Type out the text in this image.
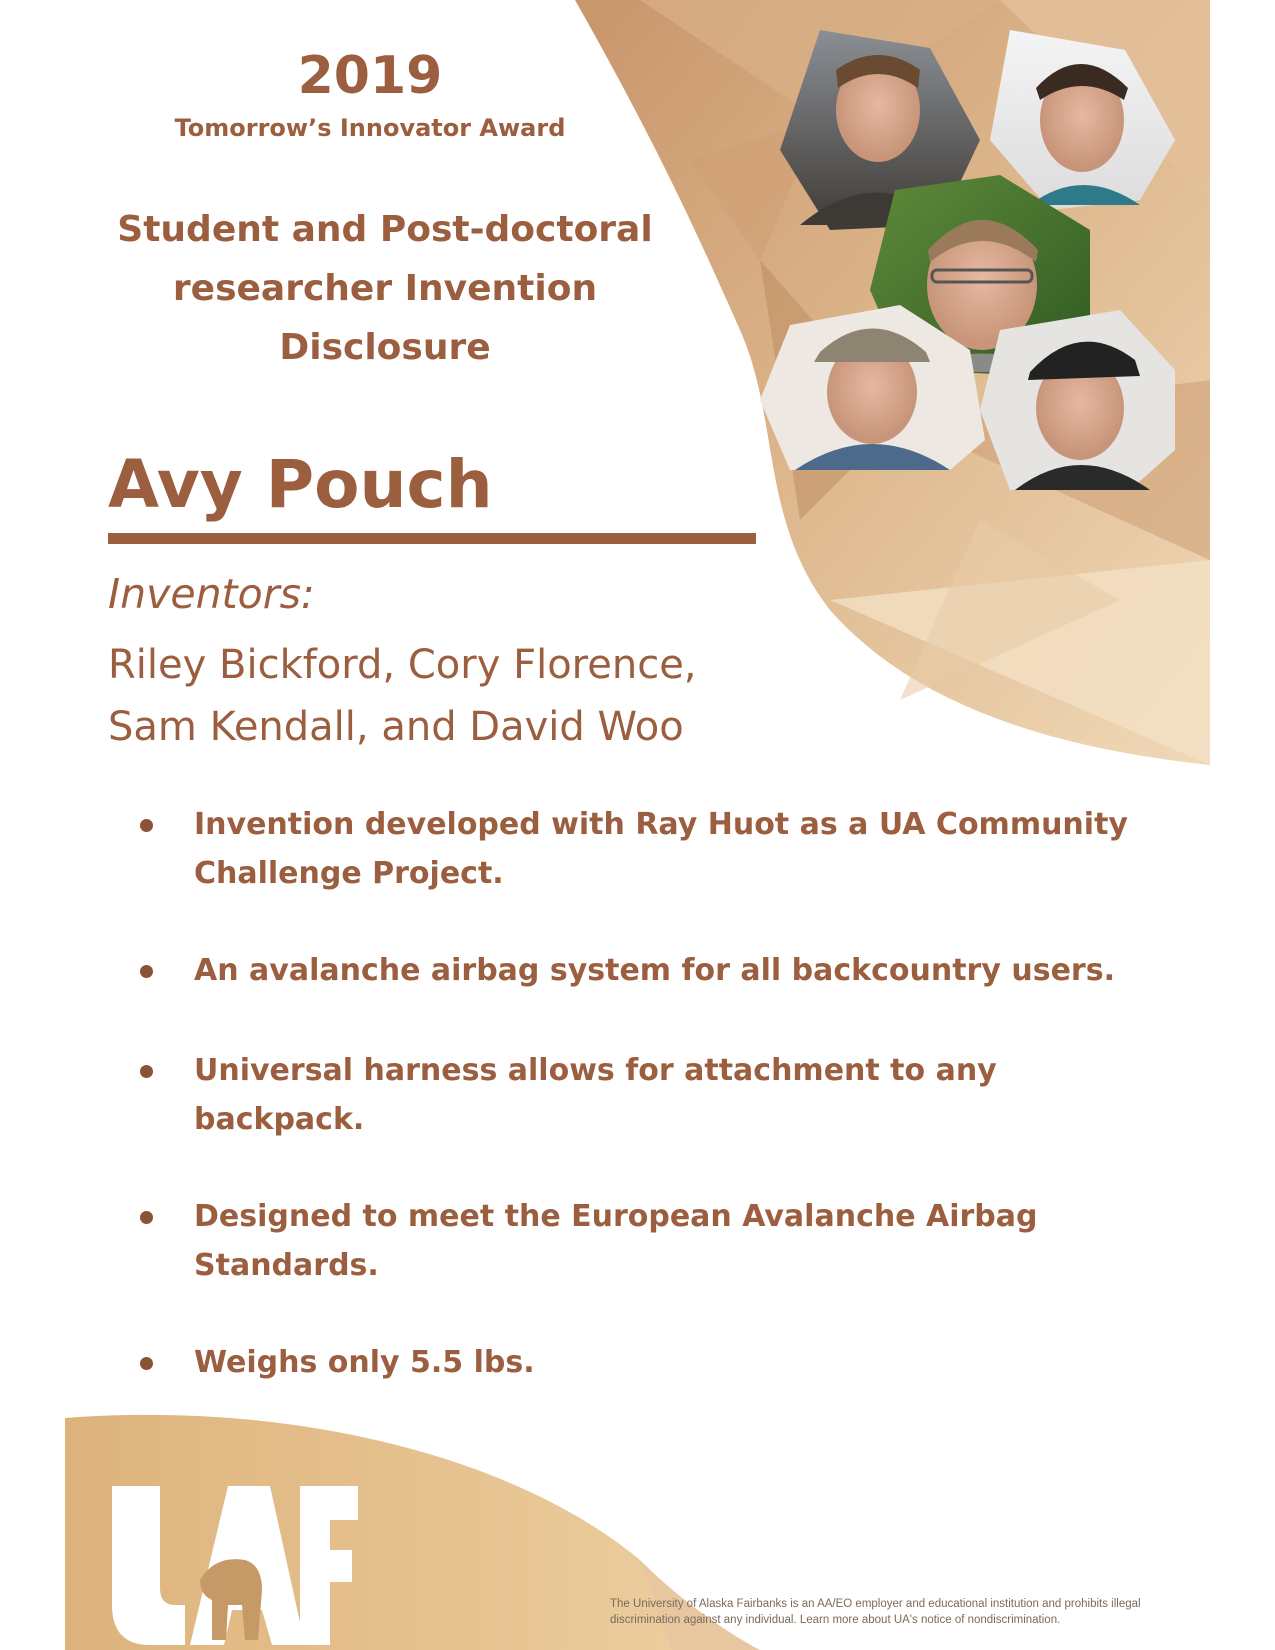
2019
Tomorrow’s Innovator Award
Student and Post-doctoral
researcher Invention
Disclosure
Avy Pouch
Inventors:
Riley Bickford, Cory Florence,
Sam Kendall, and David Woo
Invention developed with Ray Huot as a UA Community Challenge Project.
An avalanche airbag system for all backcountry users.
Universal harness allows for attachment to any backpack.
Designed to meet the European Avalanche Airbag Standards.
Weighs only 5.5 lbs.
™	The University of Alaska Fairbanks is an AA/EO employer and educational institution and prohibits illegal discrimination against any individual. Learn more about UA's notice of nondiscrimination.
